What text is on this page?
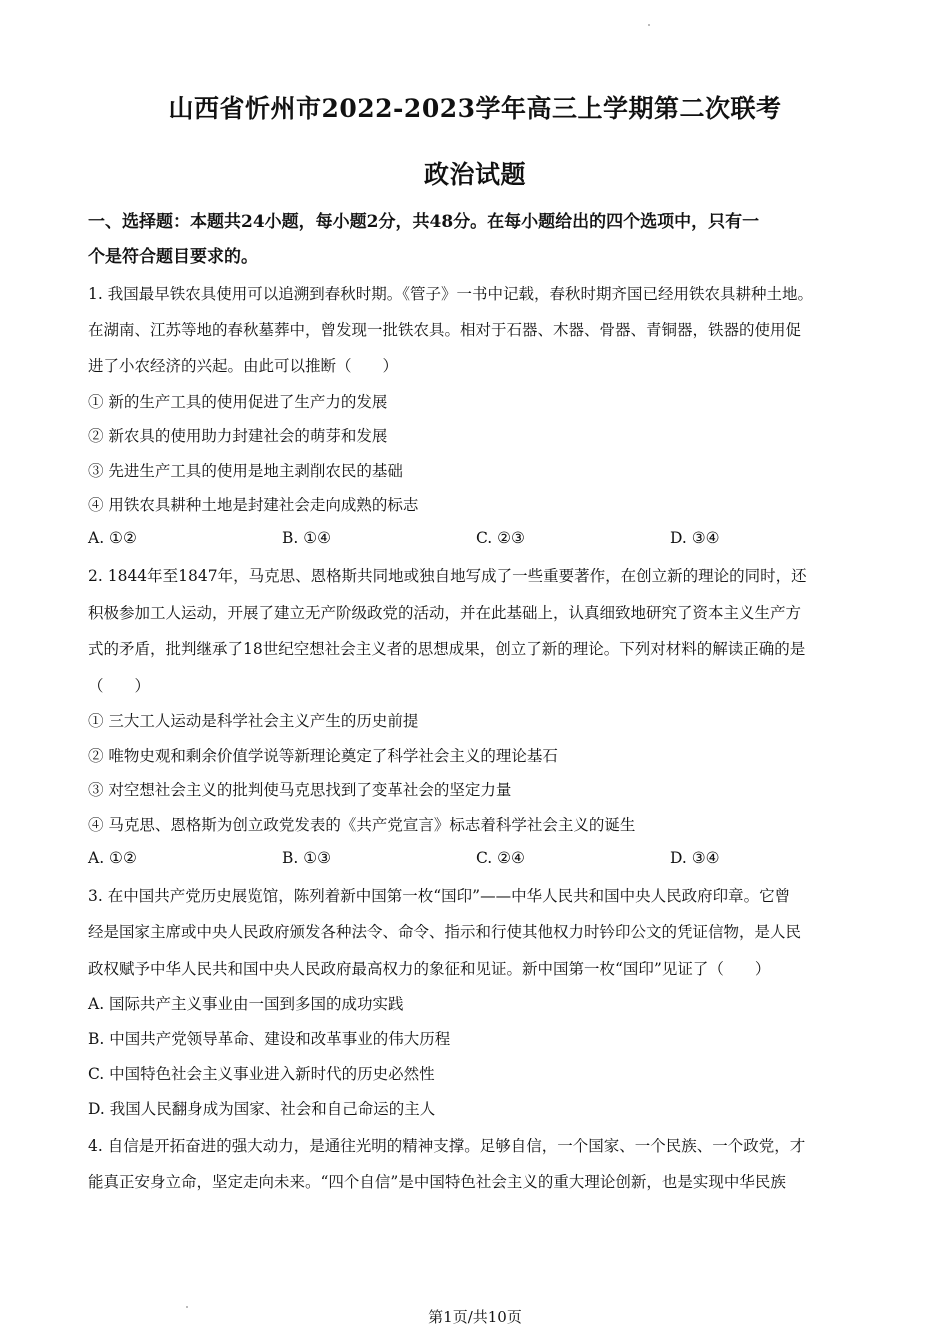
山西省忻州市2022-2023学年高三上学期第二次联考
政治试题
一、选择题：本题共24小题，每小题2分，共48分。在每小题给出的四个选项中，只有一
个是符合题目要求的。
1. 我国最早铁农具使用可以追溯到春秋时期。《管子》一书中记载，春秋时期齐国已经用铁农具耕种土地。
在湖南、江苏等地的春秋墓葬中，曾发现一批铁农具。相对于石器、木器、骨器、青铜器，铁器的使用促
进了小农经济的兴起。由此可以推断（　　）
① 新的生产工具的使用促进了生产力的发展
② 新农具的使用助力封建社会的萌芽和发展
③ 先进生产工具的使用是地主剥削农民的基础
④ 用铁农具耕种土地是封建社会走向成熟的标志
A. ①②	B. ①④	C. ②③	D. ③④
2. 1844年至1847年，马克思、恩格斯共同地或独自地写成了一些重要著作，在创立新的理论的同时，还
积极参加工人运动，开展了建立无产阶级政党的活动，并在此基础上，认真细致地研究了资本主义生产方
式的矛盾，批判继承了18世纪空想社会主义者的思想成果，创立了新的理论。下列对材料的解读正确的是
（　　）
① 三大工人运动是科学社会主义产生的历史前提
② 唯物史观和剩余价值学说等新理论奠定了科学社会主义的理论基石
③ 对空想社会主义的批判使马克思找到了变革社会的坚定力量
④ 马克思、恩格斯为创立政党发表的《共产党宣言》标志着科学社会主义的诞生
A. ①②	B. ①③	C. ②④	D. ③④
3. 在中国共产党历史展览馆，陈列着新中国第一枚“国印”——中华人民共和国中央人民政府印章。它曾
经是国家主席或中央人民政府颁发各种法令、命令、指示和行使其他权力时钤印公文的凭证信物，是人民
政权赋予中华人民共和国中央人民政府最高权力的象征和见证。新中国第一枚“国印”见证了（　　）
A. 国际共产主义事业由一国到多国的成功实践
B. 中国共产党领导革命、建设和改革事业的伟大历程
C. 中国特色社会主义事业进入新时代的历史必然性
D. 我国人民翻身成为国家、社会和自己命运的主人
4. 自信是开拓奋进的强大动力，是通往光明的精神支撑。足够自信，一个国家、一个民族、一个政党，才
能真正安身立命，坚定走向未来。“四个自信”是中国特色社会主义的重大理论创新，也是实现中华民族
第1页/共10页
